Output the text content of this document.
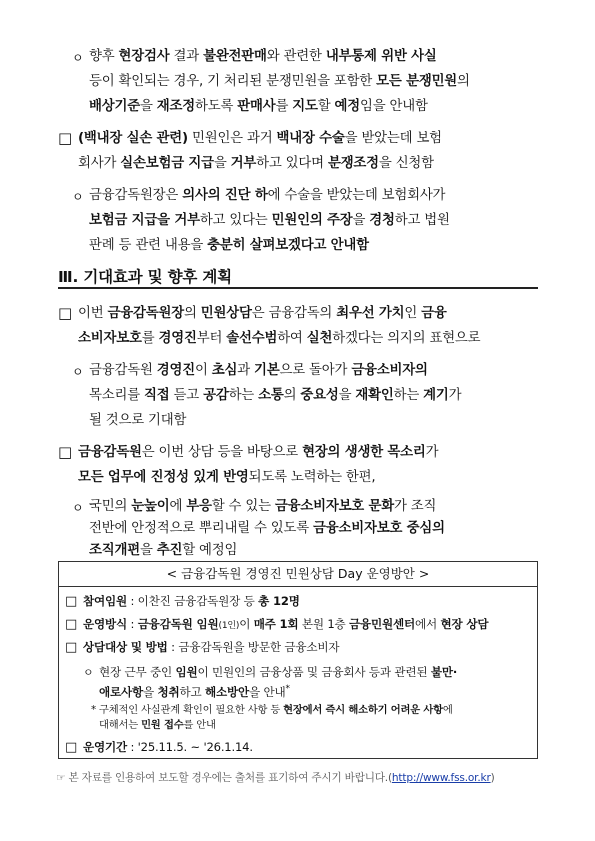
ㅇ 향후 현장검사 결과 불완전판매와 관련한 내부통제 위반 사실
등이 확인되는 경우, 기 처리된 분쟁민원을 포함한 모든 분쟁민원의
배상기준을 재조정하도록 판매사를 지도할 예정임을 안내함
□ (백내장 실손 관련) 민원인은 과거 백내장 수술을 받았는데 보험
회사가 실손보험금 지급을 거부하고 있다며 분쟁조정을 신청함
ㅇ 금융감독원장은 의사의 진단 하에 수술을 받았는데 보험회사가
보험금 지급을 거부하고 있다는 민원인의 주장을 경청하고 법원
판례 등 관련 내용을 충분히 살펴보겠다고 안내함
Ⅲ. 기대효과 및 향후 계획
□ 이번 금융감독원장의 민원상담은 금융감독의 최우선 가치인 금융
소비자보호를 경영진부터 솔선수범하여 실천하겠다는 의지의 표현으로
ㅇ 금융감독원 경영진이 초심과 기본으로 돌아가 금융소비자의
목소리를 직접 듣고 공감하는 소통의 중요성을 재확인하는 계기가
될 것으로 기대함
□ 금융감독원은 이번 상담 등을 바탕으로 현장의 생생한 목소리가
모든 업무에 진정성 있게 반영되도록 노력하는 한편,
ㅇ 국민의 눈높이에 부응할 수 있는 금융소비자보호 문화가 조직
전반에 안정적으로 뿌리내릴 수 있도록 금융소비자보호 중심의
조직개편을 추진할 예정임
< 금융감독원 경영진 민원상담 Day 운영방안 >
□ 참여임원 : 이찬진 금융감독원장 등 총 12명
□ 운영방식 : 금융감독원 임원(1인)이 매주 1회 본원 1층 금융민원센터에서 현장 상담
□ 상담대상 및 방법 : 금융감독원을 방문한 금융소비자
ㅇ 현장 근무 중인 임원이 민원인의 금융상품 및 금융회사 등과 관련된 불만·
애로사항을 청취하고 해소방안을 안내*
* 구체적인 사실관계 확인이 필요한 사항 등 현장에서 즉시 해소하기 어려운 사항에
대해서는 민원 접수를 안내
□ 운영기간 : '25.11.5. ~ '26.1.14.
☞ 본 자료를 인용하여 보도할 경우에는 출처를 표기하여 주시기 바랍니다.(http://www.fss.or.kr)
